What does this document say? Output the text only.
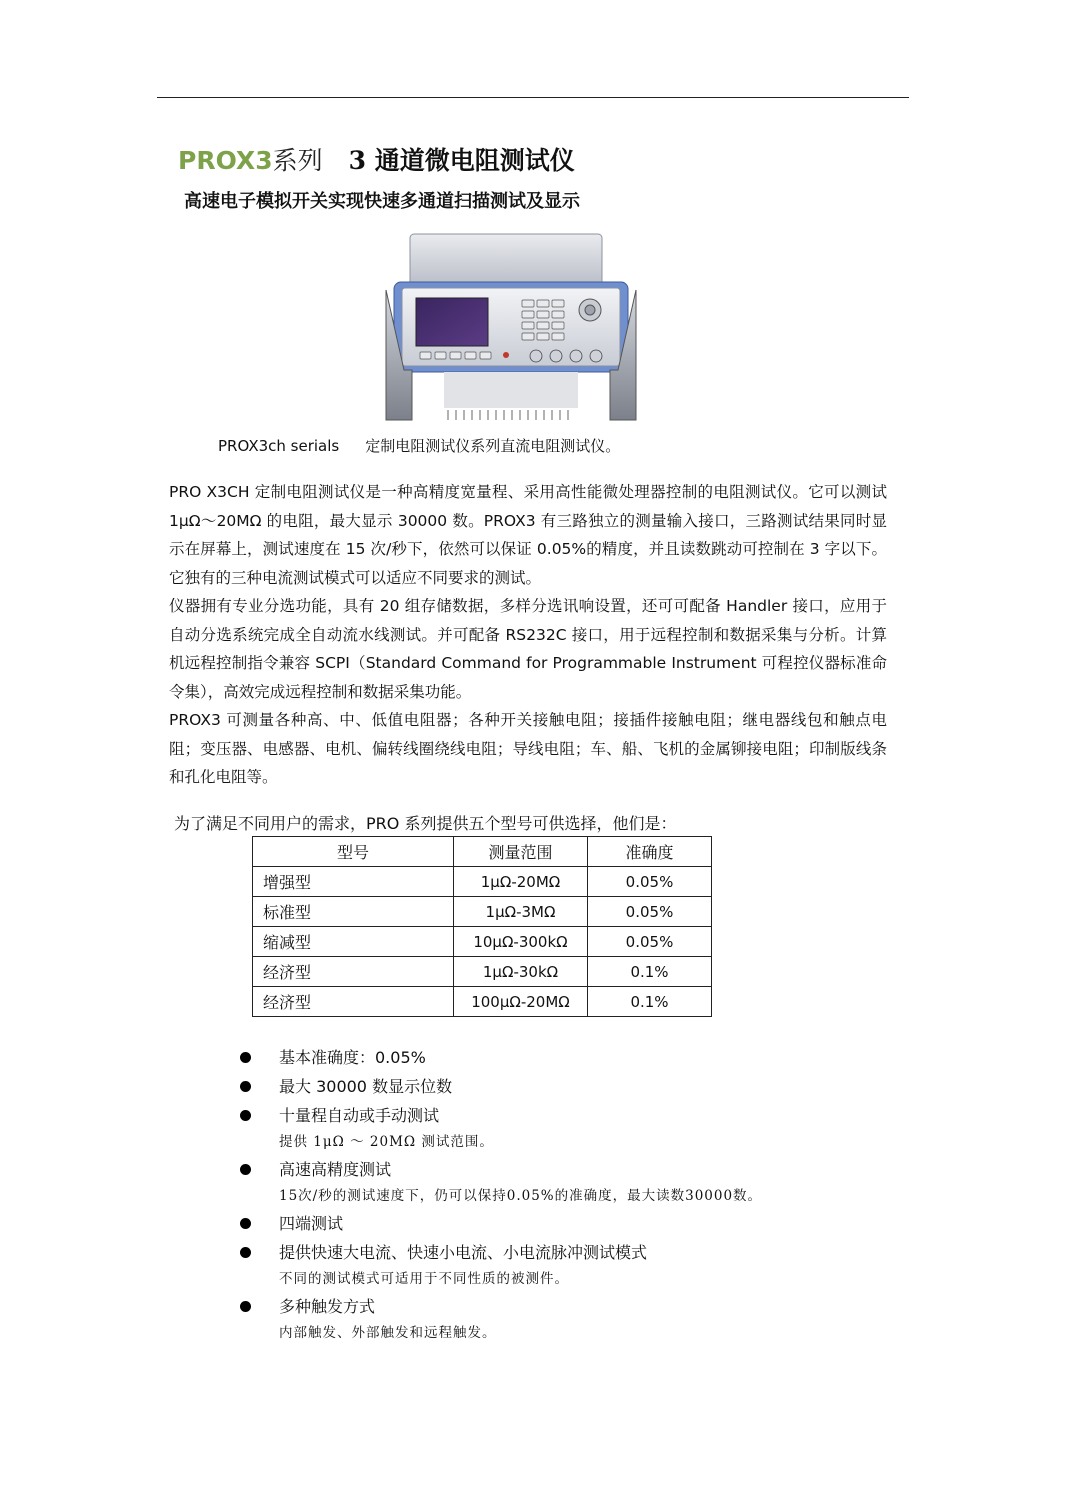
PROX3系列 3 通道微电阻测试仪
高速电子模拟开关实现快速多通道扫描测试及显示
PROX3ch serials 定制电阻测试仪系列直流电阻测试仪。

PRO X3CH 定制电阻测试仪是一种高精度宽量程、采用高性能微处理器控制的电阻测试仪。它可以测试 1μΩ～20MΩ 的电阻，最大显示 30000 数。PROX3 有三路独立的测量输入接口，三路测试结果同时显示在屏幕上，测试速度在 15 次/秒下，依然可以保证 0.05%的精度，并且读数跳动可控制在 3 字以下。它独有的三种电流测试模式可以适应不同要求的测试。

仪器拥有专业分选功能，具有 20 组存储数据，多样分选讯响设置，还可可配备 Handler 接口，应用于自动分选系统完成全自动流水线测试。并可配备 RS232C 接口，用于远程控制和数据采集与分析。计算机远程控制指令兼容 SCPI（Standard Command for Programmable Instrument 可程控仪器标准命令集），高效完成远程控制和数据采集功能。

PROX3 可测量各种高、中、低值电阻器；各种开关接触电阻；接插件接触电阻；继电器线包和触点电阻；变压器、电感器、电机、偏转线圈绕线电阻；导线电阻；车、船、飞机的金属铆接电阻；印制版线条和孔化电阻等。

为了满足不同用户的需求，PRO 系列提供五个型号可供选择，他们是：
型号	测量范围	准确度
增强型	1μΩ-20MΩ	0.05%
标准型	1μΩ-3MΩ	0.05%
缩减型	10μΩ-300kΩ	0.05%
经济型	1μΩ-30kΩ	0.1%
经济型	100μΩ-20MΩ	0.1%
基本准确度：0.05%
最大 30000 数显示位数
十量程自动或手动测试
提供 1μΩ ～ 20MΩ 测试范围。
高速高精度测试
15次/秒的测试速度下，仍可以保持0.05%的准确度，最大读数30000数。
四端测试
提供快速大电流、快速小电流、小电流脉冲测试模式
不同的测试模式可适用于不同性质的被测件。
多种触发方式
内部触发、外部触发和远程触发。
